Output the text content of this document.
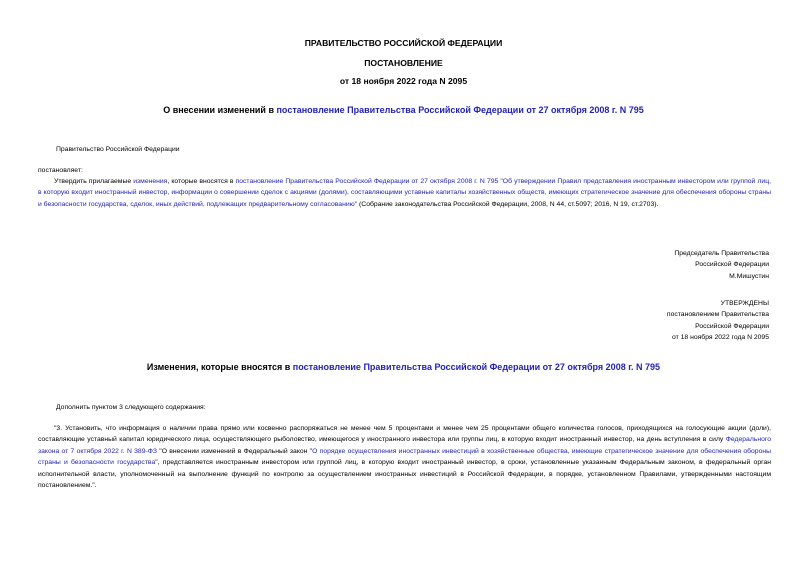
ПРАВИТЕЛЬСТВО РОССИЙСКОЙ ФЕДЕРАЦИИ
ПОСТАНОВЛЕНИЕ
от 18 ноября 2022 года N 2095
О внесении изменений в постановление Правительства Российской Федерации от 27 октября 2008 г. N 795
Правительство Российской Федерации
постановляет:
Утвердить прилагаемые изменения, которые вносятся в постановление Правительства Российской Федерации от 27 октября 2008 г. N 795 "Об утверждении Правил представления иностранным инвестором или группой лиц, в которую входит иностранный инвестор, информации о совершении сделок с акциями (долями), составляющими уставные капиталы хозяйственных обществ, имеющих стратегическое значение для обеспечения обороны страны и безопасности государства, сделок, иных действий, подлежащих предварительному согласованию" (Собрание законодательства Российской Федерации, 2008, N 44, ст.5097; 2016, N 19, ст.2703).
Председатель Правительства
Российской Федерации
М.Мишустин
УТВЕРЖДЕНЫ
постановлением Правительства
Российской Федерации
от 18 ноября 2022 года N 2095
Изменения, которые вносятся в постановление Правительства Российской Федерации от 27 октября 2008 г. N 795
Дополнить пунктом 3 следующего содержания:
"3. Установить, что информация о наличии права прямо или косвенно распоряжаться не менее чем 5 процентами и менее чем 25 процентами общего количества голосов, приходящихся на голосующие акции (доли), составляющие уставный капитал юридического лица, осуществляющего рыболовство, имеющегося у иностранного инвестора или группы лиц, в которую входит иностранный инвестор, на день вступления в силу Федерального закона от 7 октября 2022 г. N 389-ФЗ "О внесении изменений в Федеральный закон "О порядке осуществления иностранных инвестиций в хозяйственные общества, имеющие стратегическое значение для обеспечения обороны страны и безопасности государства", представляется иностранным инвестором или группой лиц, в которую входит иностранный инвестор, в сроки, установленные указанным Федеральным законом, в федеральный орган исполнительной власти, уполномоченный на выполнение функций по контролю за осуществлением иностранных инвестиций в Российской Федерации, в порядке, установленном Правилами, утвержденными настоящим постановлением.".
